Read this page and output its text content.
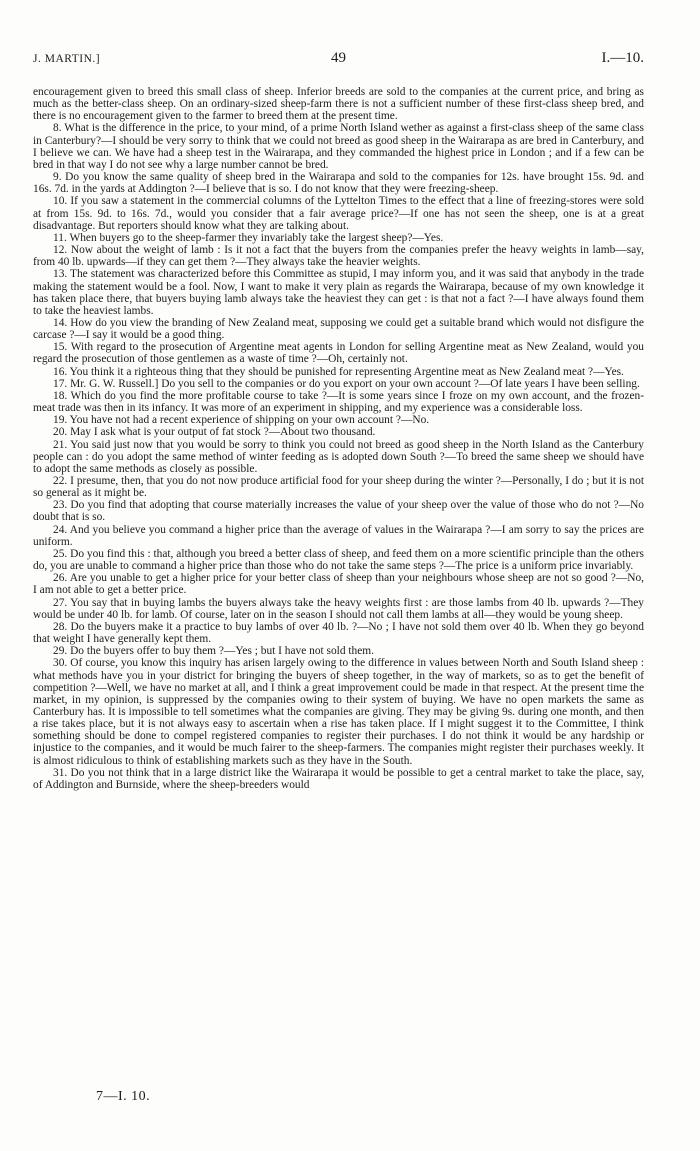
J. MARTIN.]	49	I.—10.

encouragement given to breed this small class of sheep. Inferior breeds are sold to the companies at the current price, and bring as much as the better-class sheep. On an ordinary-sized sheep-farm there is not a sufficient number of these first-class sheep bred, and there is no encouragement given to the farmer to breed them at the present time.

8. What is the difference in the price, to your mind, of a prime North Island wether as against a first-class sheep of the same class in Canterbury?—I should be very sorry to think that we could not breed as good sheep in the Wairarapa as are bred in Canterbury, and I believe we can. We have had a sheep test in the Wairarapa, and they commanded the highest price in London ; and if a few can be bred in that way I do not see why a large number cannot be bred.

9. Do you know the same quality of sheep bred in the Wairarapa and sold to the companies for 12s. have brought 15s. 9d. and 16s. 7d. in the yards at Addington ?—I believe that is so. I do not know that they were freezing-sheep.

10. If you saw a statement in the commercial columns of the Lyttelton Times to the effect that a line of freezing-stores were sold at from 15s. 9d. to 16s. 7d., would you consider that a fair average price?—If one has not seen the sheep, one is at a great disadvantage. But reporters should know what they are talking about.

11. When buyers go to the sheep-farmer they invariably take the largest sheep?—Yes.

12. Now about the weight of lamb : Is it not a fact that the buyers from the companies prefer the heavy weights in lamb—say, from 40 lb. upwards—if they can get them ?—They always take the heavier weights.

13. The statement was characterized before this Committee as stupid, I may inform you, and it was said that anybody in the trade making the statement would be a fool. Now, I want to make it very plain as regards the Wairarapa, because of my own knowledge it has taken place there, that buyers buying lamb always take the heaviest they can get : is that not a fact ?—I have always found them to take the heaviest lambs.

14. How do you view the branding of New Zealand meat, supposing we could get a suitable brand which would not disfigure the carcase ?—I say it would be a good thing.

15. With regard to the prosecution of Argentine meat agents in London for selling Argentine meat as New Zealand, would you regard the prosecution of those gentlemen as a waste of time ?—Oh, certainly not.

16. You think it a righteous thing that they should be punished for representing Argentine meat as New Zealand meat ?—Yes.

17. Mr. G. W. Russell.] Do you sell to the companies or do you export on your own account ?—Of late years I have been selling.

18. Which do you find the more profitable course to take ?—It is some years since I froze on my own account, and the frozen-meat trade was then in its infancy. It was more of an experiment in shipping, and my experience was a considerable loss.

19. You have not had a recent experience of shipping on your own account ?—No.

20. May I ask what is your output of fat stock ?—About two thousand.

21. You said just now that you would be sorry to think you could not breed as good sheep in the North Island as the Canterbury people can : do you adopt the same method of winter feeding as is adopted down South ?—To breed the same sheep we should have to adopt the same methods as closely as possible.

22. I presume, then, that you do not now produce artificial food for your sheep during the winter ?—Personally, I do ; but it is not so general as it might be.

23. Do you find that adopting that course materially increases the value of your sheep over the value of those who do not ?—No doubt that is so.

24. And you believe you command a higher price than the average of values in the Wairarapa ?—I am sorry to say the prices are uniform.

25. Do you find this : that, although you breed a better class of sheep, and feed them on a more scientific principle than the others do, you are unable to command a higher price than those who do not take the same steps ?—The price is a uniform price invariably.

26. Are you unable to get a higher price for your better class of sheep than your neighbours whose sheep are not so good ?—No, I am not able to get a better price.

27. You say that in buying lambs the buyers always take the heavy weights first : are those lambs from 40 lb. upwards ?—They would be under 40 lb. for lamb. Of course, later on in the season I should not call them lambs at all—they would be young sheep.

28. Do the buyers make it a practice to buy lambs of over 40 lb. ?—No ; I have not sold them over 40 lb. When they go beyond that weight I have generally kept them.

29. Do the buyers offer to buy them ?—Yes ; but I have not sold them.

30. Of course, you know this inquiry has arisen largely owing to the difference in values between North and South Island sheep : what methods have you in your district for bringing the buyers of sheep together, in the way of markets, so as to get the benefit of competition ?—Well, we have no market at all, and I think a great improvement could be made in that respect. At the present time the market, in my opinion, is suppressed by the companies owing to their system of buying. We have no open markets the same as Canterbury has. It is impossible to tell sometimes what the companies are giving. They may be giving 9s. during one month, and then a rise takes place, but it is not always easy to ascertain when a rise has taken place. If I might suggest it to the Committee, I think something should be done to compel registered companies to register their purchases. I do not think it would be any hardship or injustice to the companies, and it would be much fairer to the sheep-farmers. The companies might register their purchases weekly. It is almost ridiculous to think of establishing markets such as they have in the South.

31. Do you not think that in a large district like the Wairarapa it would be possible to get a central market to take the place, say, of Addington and Burnside, where the sheep-breeders would

7—I. 10.
